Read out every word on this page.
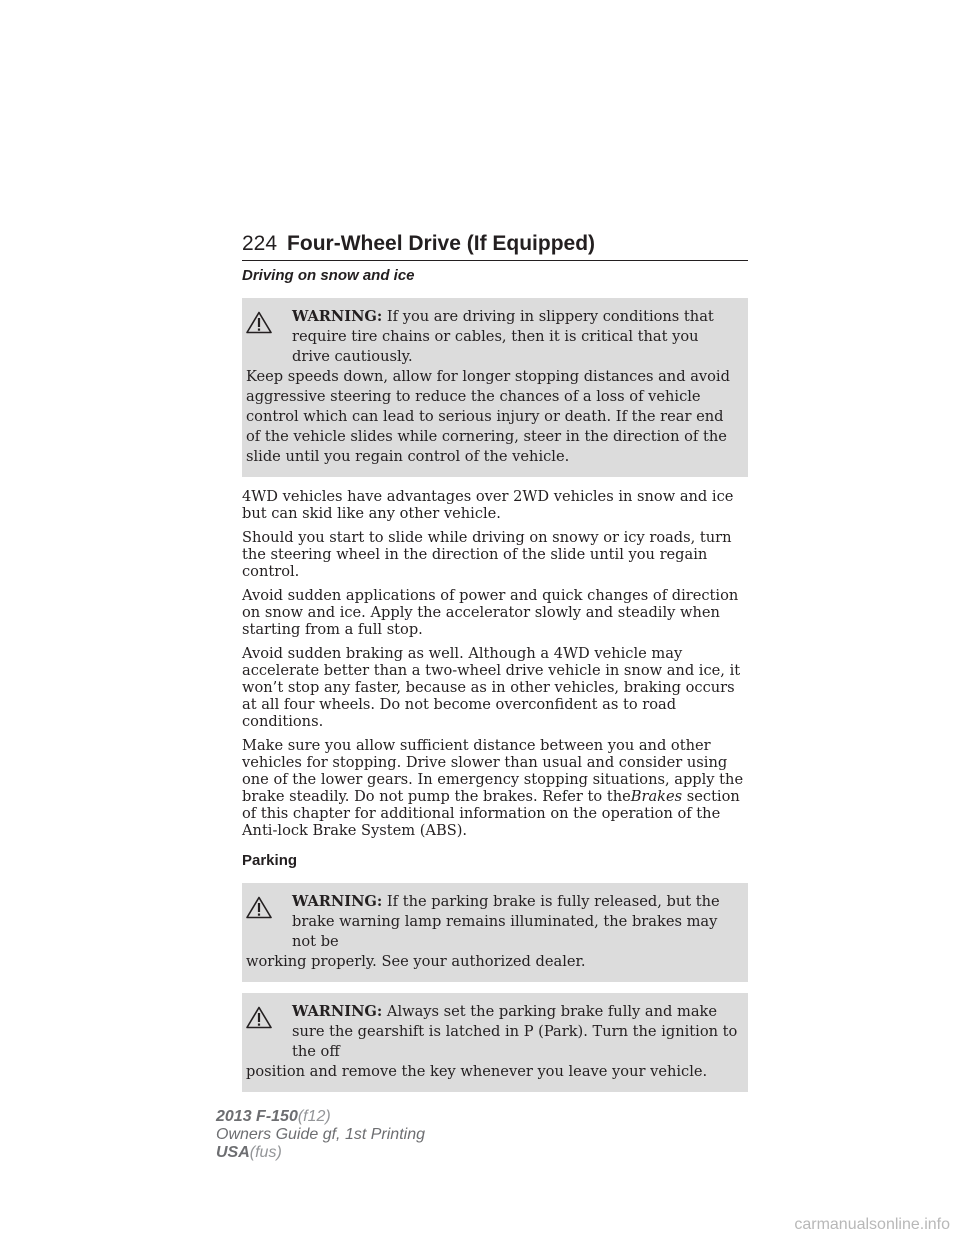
224 Four-Wheel Drive (If Equipped)
Driving on snow and ice
WARNING: If you are driving in slippery conditions that require tire chains or cables, then it is critical that you drive cautiously.
Keep speeds down, allow for longer stopping distances and avoid aggressive steering to reduce the chances of a loss of vehicle control which can lead to serious injury or death. If the rear end of the vehicle slides while cornering, steer in the direction of the slide until you regain control of the vehicle.

4WD vehicles have advantages over 2WD vehicles in snow and ice but can skid like any other vehicle.

Should you start to slide while driving on snowy or icy roads, turn the steering wheel in the direction of the slide until you regain control.

Avoid sudden applications of power and quick changes of direction on snow and ice. Apply the accelerator slowly and steadily when starting from a full stop.

Avoid sudden braking as well. Although a 4WD vehicle may accelerate better than a two-wheel drive vehicle in snow and ice, it won’t stop any faster, because as in other vehicles, braking occurs at all four wheels. Do not become overconfident as to road conditions.

Make sure you allow sufficient distance between you and other vehicles for stopping. Drive slower than usual and consider using one of the lower gears. In emergency stopping situations, apply the brake steadily. Do not pump the brakes. Refer to theBrakes section of this chapter for additional information on the operation of the Anti-lock Brake System (ABS).

Parking
WARNING: If the parking brake is fully released, but the brake warning lamp remains illuminated, the brakes may not be
working properly. See your authorized dealer.
WARNING: Always set the parking brake fully and make sure the gearshift is latched in P (Park). Turn the ignition to the off
position and remove the key whenever you leave your vehicle.
2013 F-150(f12)
Owners Guide gf, 1st Printing
USA(fus)
carmanualsonline.info
